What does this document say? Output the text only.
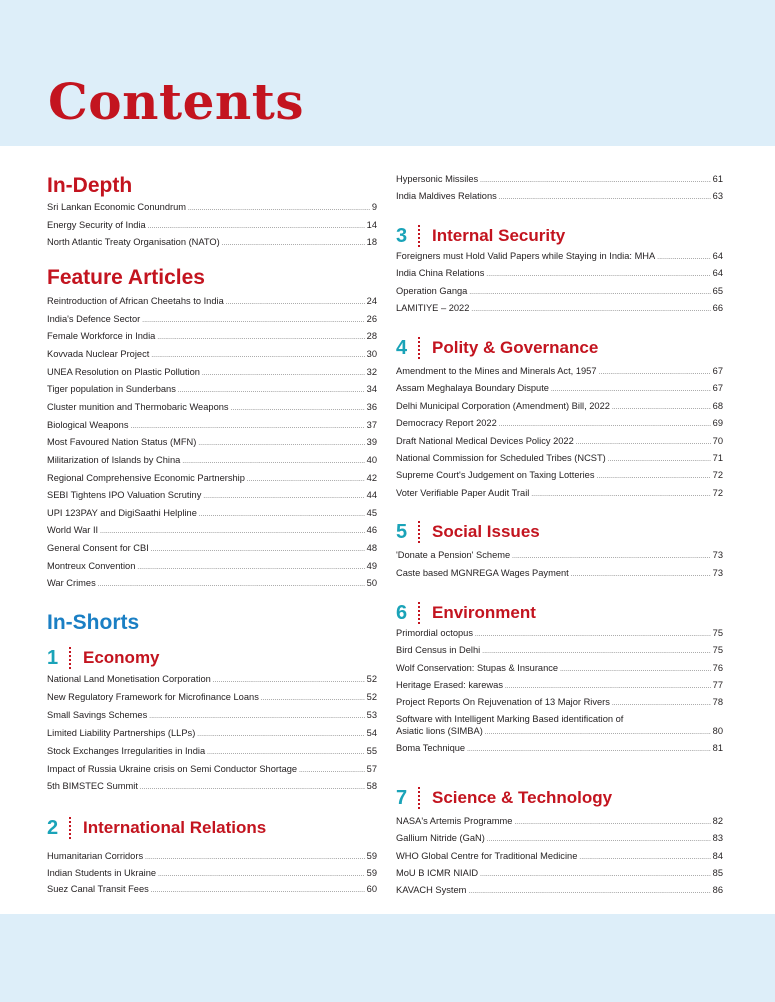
Contents
In-Depth
Sri Lankan Economic Conundrum .....	9
Energy Security of India .....	14
North Atlantic Treaty Organisation (NATO) .....	18
Feature Articles
Reintroduction of African Cheetahs to India .....	24
India's Defence Sector .....	26
Female Workforce in India .....	28
Kovvada Nuclear Project .....	30
UNEA Resolution on Plastic Pollution .....	32
Tiger population in Sunderbans .....	34
Cluster munition and Thermobaric Weapons .....	36
Biological Weapons .....	37
Most Favoured Nation Status (MFN) .....	39
Militarization of Islands by China .....	40
Regional Comprehensive Economic Partnership .....	42
SEBI Tightens IPO Valuation Scrutiny .....	44
UPI 123PAY and DigiSaathi Helpline .....	45
World War II .....	46
General Consent for CBI .....	48
Montreux Convention .....	49
War Crimes .....	50
In-Shorts
1 Economy
National Land Monetisation Corporation .....	52
New Regulatory Framework for Microfinance Loans .....	52
Small Savings Schemes .....	53
Limited Liability Partnerships (LLPs) .....	54
Stock Exchanges Irregularities in India .....	55
Impact of Russia Ukraine crisis on Semi Conductor Shortage .....	57
5th BIMSTEC Summit .....	58
2 International Relations
Humanitarian Corridors .....	59
Indian Students in Ukraine .....	59
Suez Canal Transit Fees .....	60
Hypersonic Missiles .....	61
India Maldives Relations .....	63
3 Internal Security
Foreigners must Hold Valid Papers while Staying in India: MHA .....	64
India China Relations .....	64
Operation Ganga .....	65
LAMITIYE – 2022 .....	66
4 Polity & Governance
Amendment to the Mines and Minerals Act, 1957 .....	67
Assam Meghalaya Boundary Dispute .....	67
Delhi Municipal Corporation (Amendment) Bill, 2022 .....	68
Democracy Report 2022 .....	69
Draft National Medical Devices Policy 2022 .....	70
National Commission for Scheduled Tribes (NCST) .....	71
Supreme Court's Judgement on Taxing Lotteries .....	72
Voter Verifiable Paper Audit Trail .....	72
5 Social Issues
'Donate a Pension' Scheme .....	73
Caste based MGNREGA Wages Payment .....	73
6 Environment
Primordial octopus .....	75
Bird Census in Delhi .....	75
Wolf Conservation: Stupas & Insurance .....	76
Heritage Erased: karewas .....	77
Project Reports On Rejuvenation of 13 Major Rivers .....	78
Software with Intelligent Marking Based identification of
Asiatic lions (SIMBA) .....	80
Boma Technique .....	81
7 Science & Technology
NASA's Artemis Programme .....	82
Gallium Nitride (GaN) .....	83
WHO Global Centre for Traditional Medicine .....	84
MoU B ICMR NIAID .....	85
KAVACH System .....	86
